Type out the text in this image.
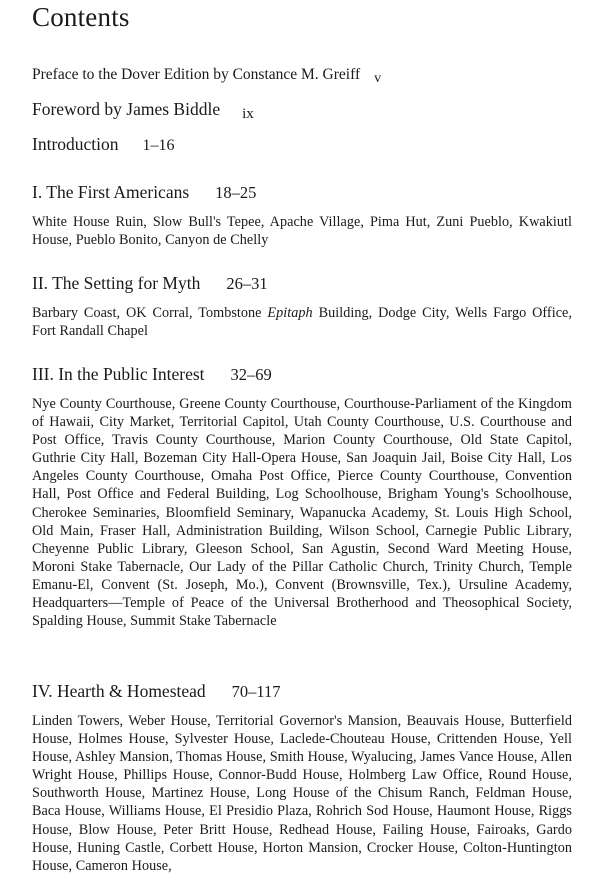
Contents
Preface to the Dover Edition by Constance M. Greiff v
Foreword by James Biddle ix
Introduction 1–16
I. The First Americans 18–25

White House Ruin, Slow Bull's Tepee, Apache Village, Pima Hut, Zuni Pueblo, Kwakiutl House, Pueblo Bonito, Canyon de Chelly

II. The Setting for Myth 26–31

Barbary Coast, OK Corral, Tombstone Epitaph Building, Dodge City, Wells Fargo Office, Fort Randall Chapel

III. In the Public Interest 32–69

Nye County Courthouse, Greene County Courthouse, Courthouse-Parliament of the Kingdom of Hawaii, City Market, Territorial Capitol, Utah County Courthouse, U.S. Courthouse and Post Office, Travis County Courthouse, Marion County Courthouse, Old State Capitol, Guthrie City Hall, Bozeman City Hall-Opera House, San Joaquin Jail, Boise City Hall, Los Angeles County Courthouse, Omaha Post Office, Pierce County Courthouse, Convention Hall, Post Office and Federal Building, Log Schoolhouse, Brigham Young's Schoolhouse, Cherokee Seminaries, Bloomfield Seminary, Wapanucka Academy, St. Louis High School, Old Main, Fraser Hall, Administration Building, Wilson School, Carnegie Public Library, Cheyenne Public Library, Gleeson School, San Agustin, Second Ward Meeting House, Moroni Stake Tabernacle, Our Lady of the Pillar Catholic Church, Trinity Church, Temple Emanu-El, Convent (St. Joseph, Mo.), Convent (Brownsville, Tex.), Ursuline Academy, Headquarters—Temple of Peace of the Universal Brotherhood and Theosophical Society, Spalding House, Summit Stake Tabernacle

IV. Hearth & Homestead 70–117

Linden Towers, Weber House, Territorial Governor's Mansion, Beauvais House, Butterfield House, Holmes House, Sylvester House, Laclede-Chouteau House, Crittenden House, Yell House, Ashley Mansion, Thomas House, Smith House, Wyalucing, James Vance House, Allen Wright House, Phillips House, Connor-Budd House, Holmberg Law Office, Round House, Southworth House, Martinez House, Long House of the Chisum Ranch, Feldman House, Baca House, Williams House, El Presidio Plaza, Rohrich Sod House, Haumont House, Riggs House, Blow House, Peter Britt House, Redhead House, Failing House, Fairoaks, Gardo House, Huning Castle, Corbett House, Horton Mansion, Crocker House, Colton-Huntington House, Cameron House,
